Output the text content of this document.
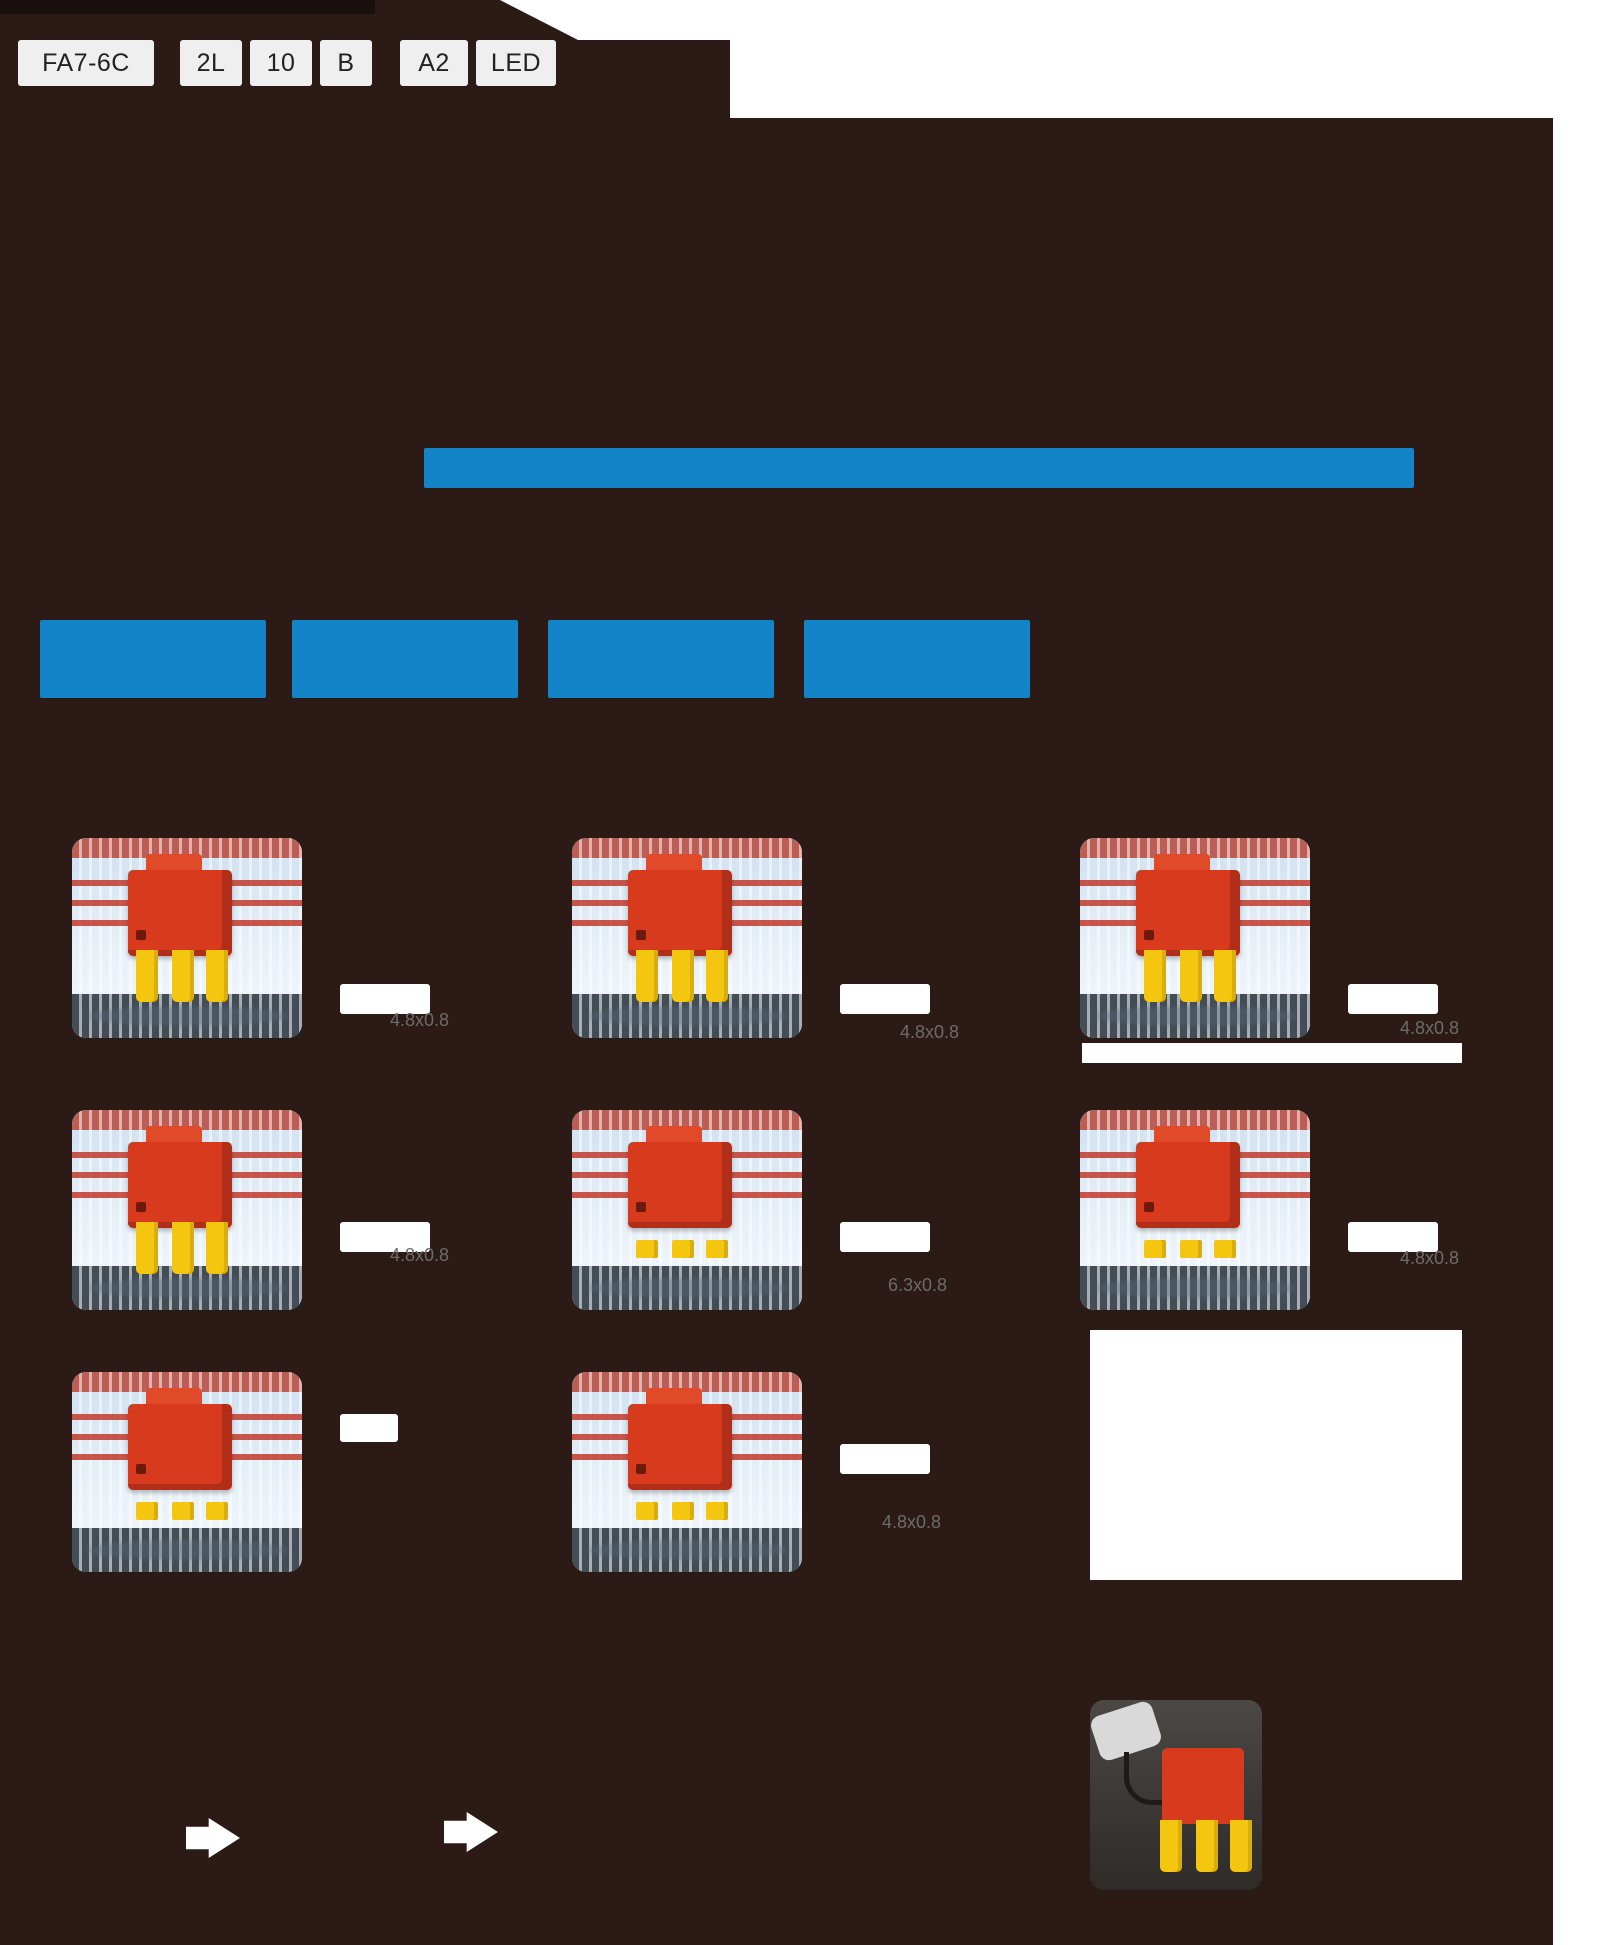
FA7-6C	2L	10	B	A2	LED
4.8x0.8
4.8x0.8	4.8x0.8
4.8x0.8
6.3x0.8
4.8x0.8
4.8x0.8
